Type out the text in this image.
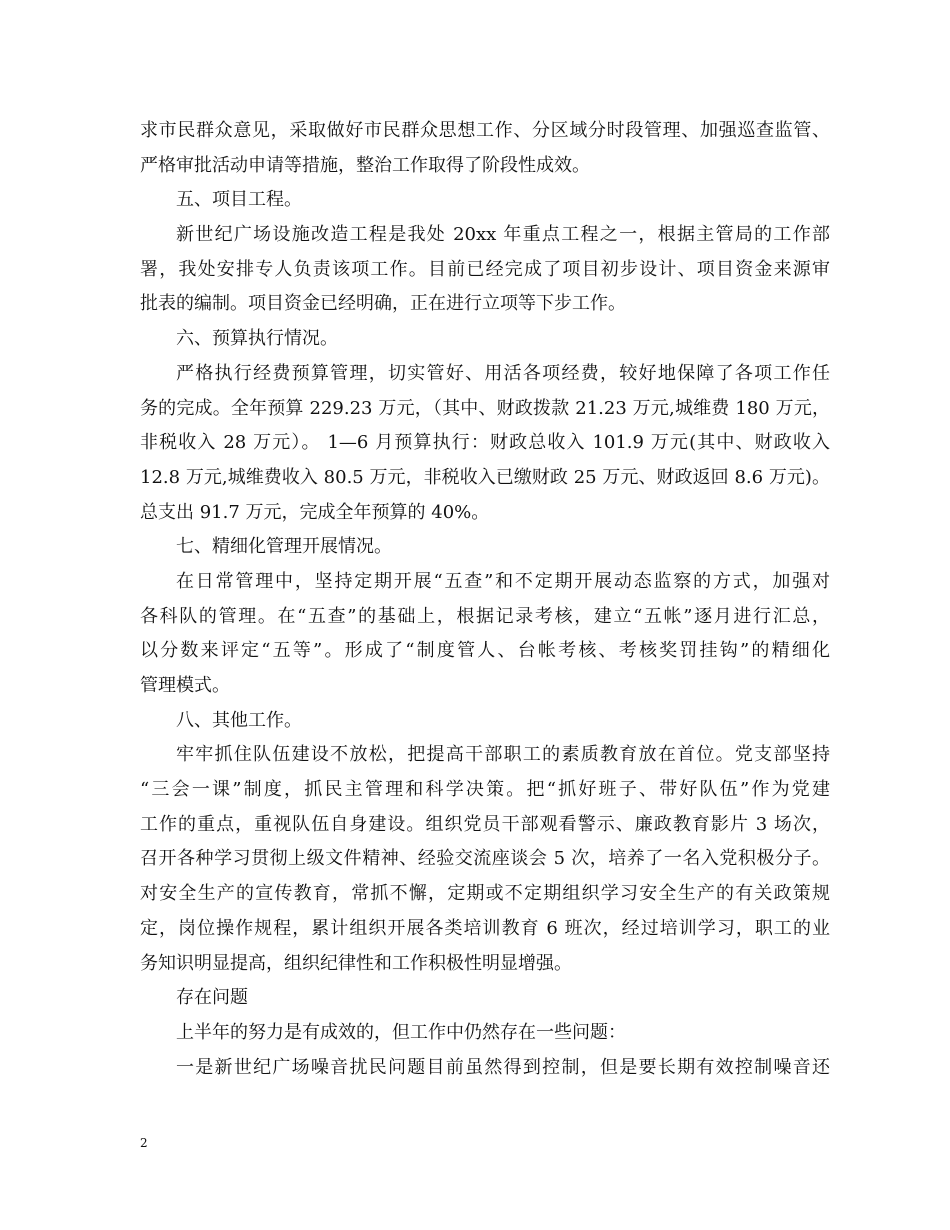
求市民群众意见，采取做好市民群众思想工作、分区域分时段管理、加强巡查监管、
严格审批活动申请等措施，整治工作取得了阶段性成效。
五、项目工程。
新世纪广场设施改造工程是我处 20xx 年重点工程之一，根据主管局的工作部
署，我处安排专人负责该项工作。目前已经完成了项目初步设计、项目资金来源审
批表的编制。项目资金已经明确，正在进行立项等下步工作。
六、预算执行情况。
严格执行经费预算管理，切实管好、用活各项经费，较好地保障了各项工作任
务的完成。全年预算 229.23 万元，（其中、财政拨款 21.23 万元,城维费 180 万元，
非税收入 28 万元）。 1—6 月预算执行：财政总收入 101.9 万元(其中、财政收入
12.8 万元,城维费收入 80.5 万元，非税收入已缴财政 25 万元、财政返回 8.6 万元)。
总支出 91.7 万元，完成全年预算的 40%。
七、精细化管理开展情况。
在日常管理中，坚持定期开展“五查”和不定期开展动态监察的方式，加强对
各科队的管理。在“五查”的基础上，根据记录考核，建立“五帐”逐月进行汇总，
以分数来评定“五等”。形成了“制度管人、台帐考核、考核奖罚挂钩”的精细化
管理模式。
八、其他工作。
牢牢抓住队伍建设不放松，把提高干部职工的素质教育放在首位。党支部坚持
“三会一课”制度，抓民主管理和科学决策。把“抓好班子、带好队伍”作为党建
工作的重点，重视队伍自身建设。组织党员干部观看警示、廉政教育影片 3 场次，
召开各种学习贯彻上级文件精神、经验交流座谈会 5 次，培养了一名入党积极分子。
对安全生产的宣传教育，常抓不懈，定期或不定期组织学习安全生产的有关政策规
定，岗位操作规程，累计组织开展各类培训教育 6 班次，经过培训学习，职工的业
务知识明显提高，组织纪律性和工作积极性明显增强。
存在问题
上半年的努力是有成效的，但工作中仍然存在一些问题：
一是新世纪广场噪音扰民问题目前虽然得到控制，但是要长期有效控制噪音还
2
